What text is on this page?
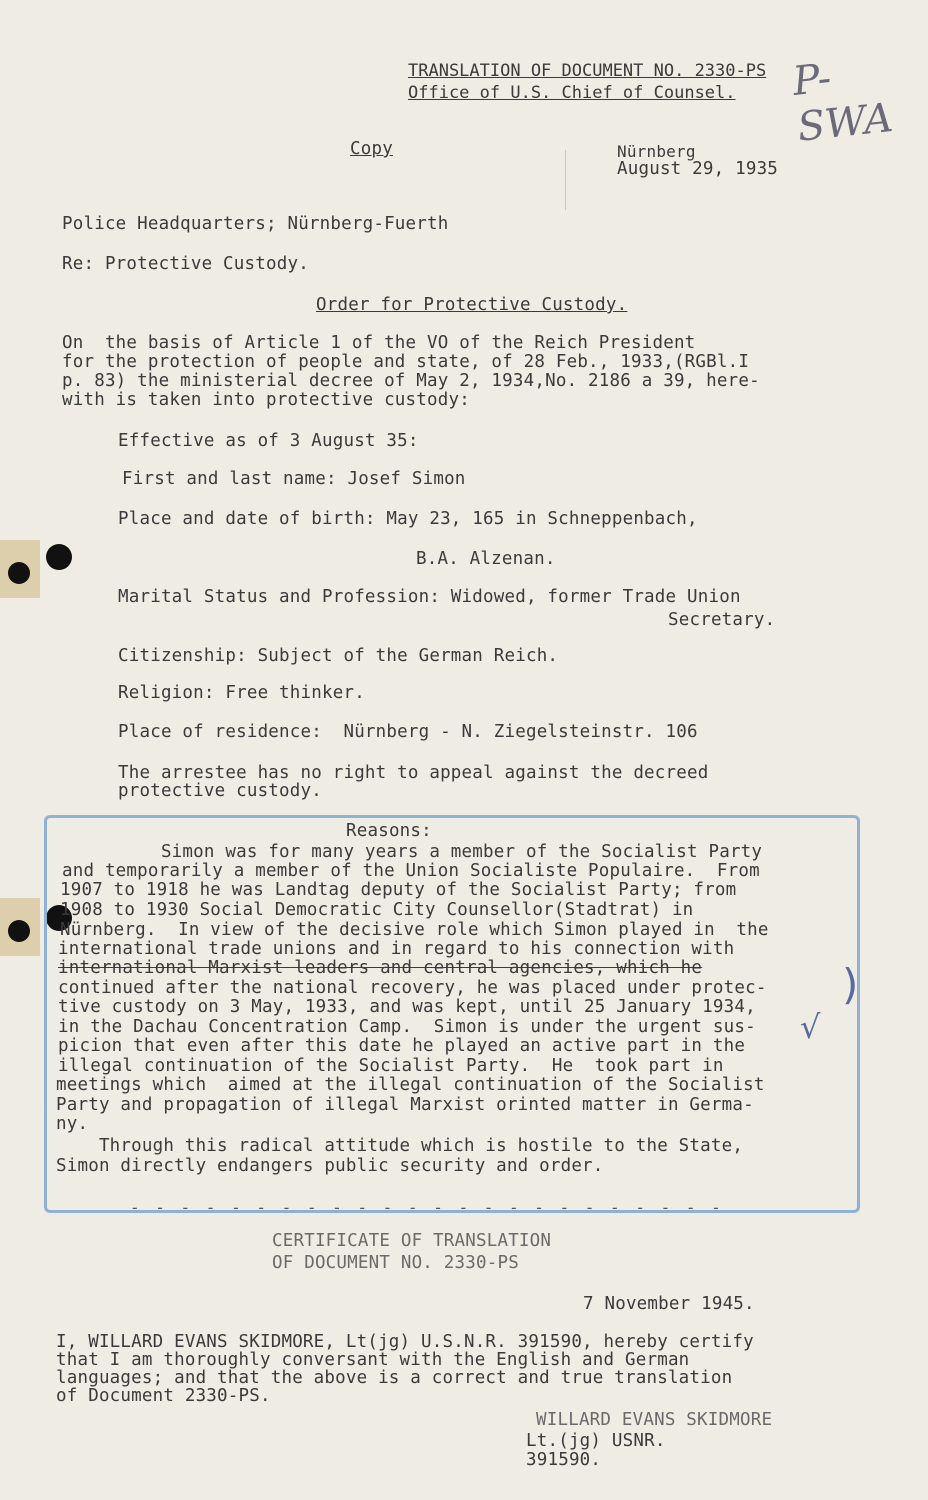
TRANSLATION OF DOCUMENT NO. 2330-PS
Office of U.S. Chief of Counsel.	P-SWA
Copy	Nürnberg
August 29, 1935
Police Headquarters; Nürnberg-Fuerth
Re: Protective Custody.
Order for Protective Custody.
On  the basis of Article 1 of the VO of the Reich President
for the protection of people and state, of 28 Feb., 1933,(RGBl.I
p. 83) the ministerial decree of May 2, 1934,No. 2186 a 39, here-
with is taken into protective custody:
Effective as of 3 August 35:
First and last name: Josef Simon
Place and date of birth: May 23, 165 in Schneppenbach,
B.A. Alzenan.
Marital Status and Profession: Widowed, former Trade Union
Secretary.
Citizenship: Subject of the German Reich.
Religion: Free thinker.
Place of residence:  Nürnberg - N. Ziegelsteinstr. 106
The arrestee has no right to appeal against the decreed
protective custody.
Reasons:
Simon was for many years a member of the Socialist Party
and temporarily a member of the Union Socialiste Populaire.  From
1907 to 1918 he was Landtag deputy of the Socialist Party; from
1908 to 1930 Social Democratic City Counsellor(Stadtrat) in
Nürnberg.  In view of the decisive role which Simon played in  the
international trade unions and in regard to his connection with
international Marxist leaders and central agencies, which he
continued after the national recovery, he was placed under protec-
tive custody on 3 May, 1933, and was kept, until 25 January 1934,
in the Dachau Concentration Camp.  Simon is under the urgent sus-
picion that even after this date he played an active part in the
illegal continuation of the Socialist Party.  He  took part in
meetings which  aimed at the illegal continuation of the Socialist
Party and propagation of illegal Marxist orinted matter in Germa-
ny.
Through this radical attitude which is hostile to the State,
Simon directly endangers public security and order.
)
√
- - - - - - - - - - - - - - - - - - - - - - - -
CERTIFICATE OF TRANSLATION
OF DOCUMENT NO. 2330-PS
7 November 1945.
I, WILLARD EVANS SKIDMORE, Lt(jg) U.S.N.R. 391590, hereby certify
that I am thoroughly conversant with the English and German
languages; and that the above is a correct and true translation
of Document 2330-PS.
WILLARD EVANS SKIDMORE
Lt.(jg) USNR.
391590.
